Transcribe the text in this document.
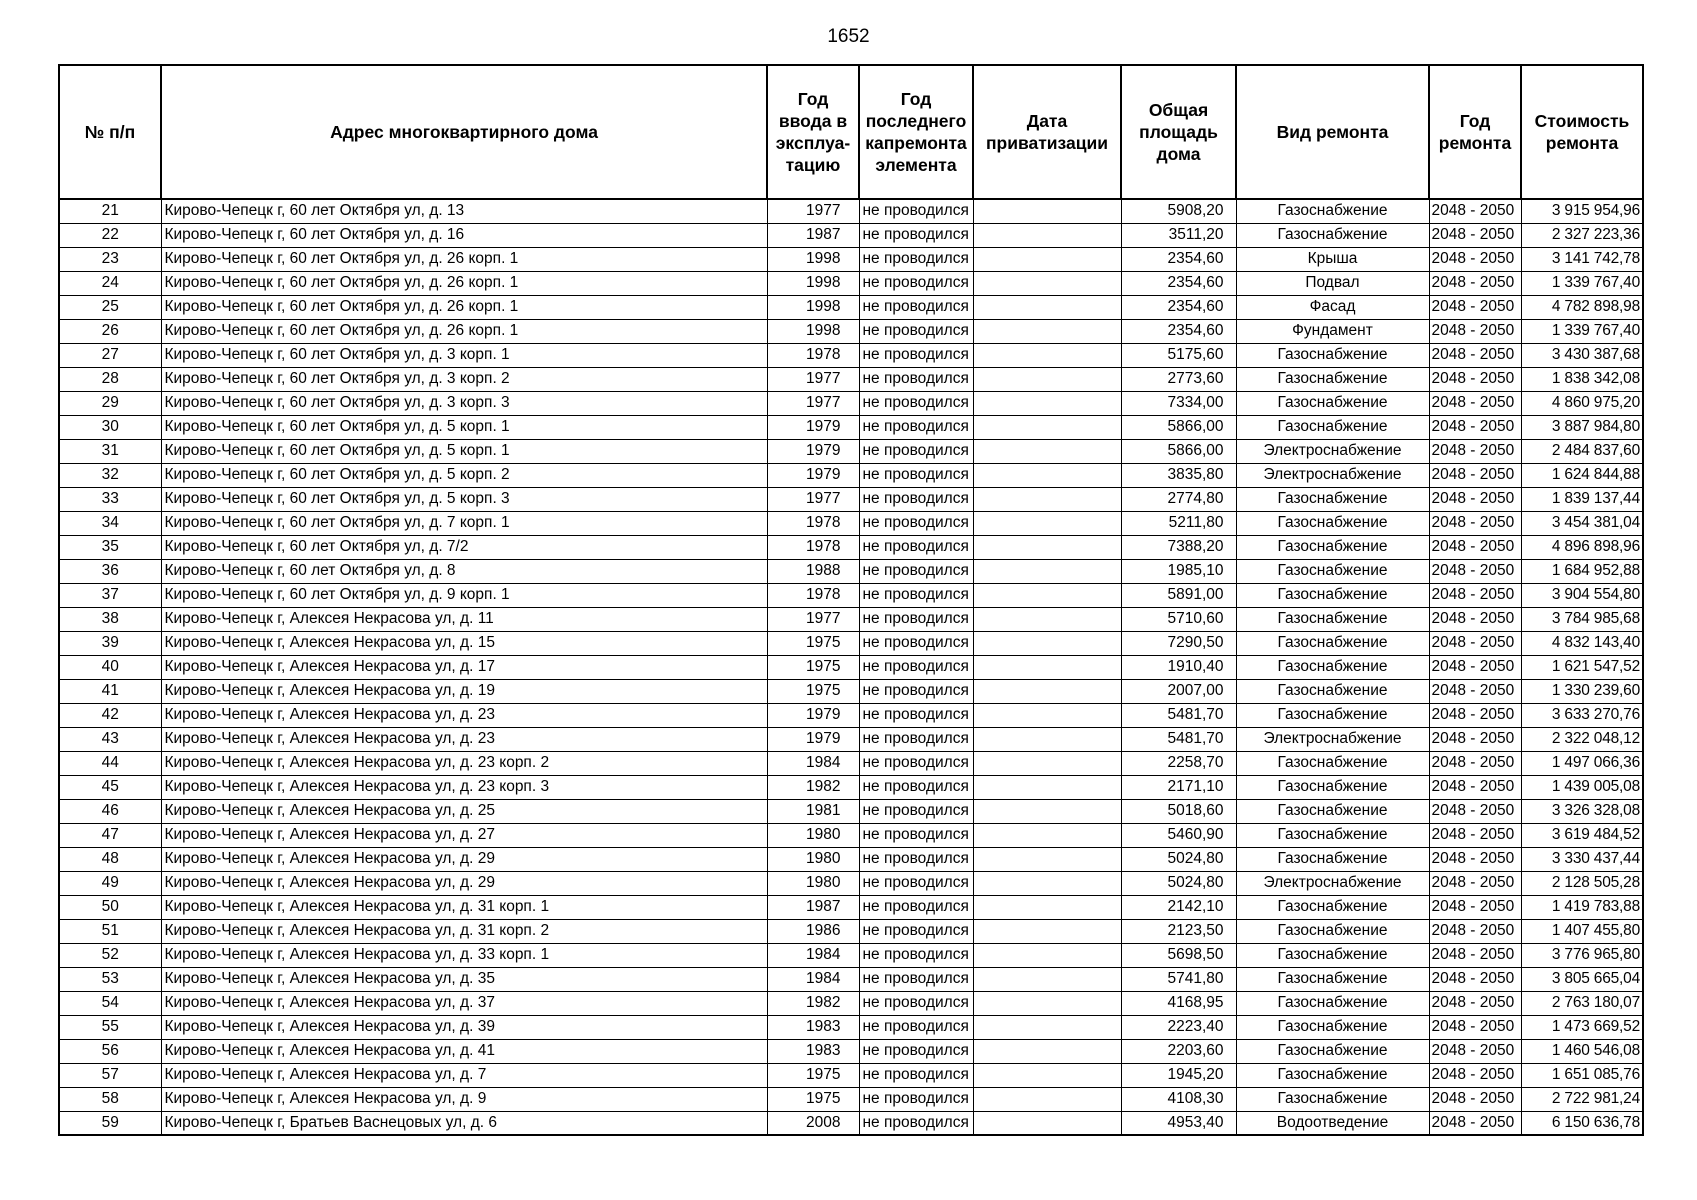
1652
№ п/п	Адрес многоквартирного дома	Год ввода в эксплуа- тацию	Год последнего капремонта элемента	Дата приватизации	Общая площадь дома	Вид ремонта	Год ремонта	Стоимость ремонта
21	Кирово-Чепецк г, 60 лет Октября ул, д. 13	1977	не проводился		5908,20	Газоснабжение	2048 - 2050	3 915 954,96
22	Кирово-Чепецк г, 60 лет Октября ул, д. 16	1987	не проводился		3511,20	Газоснабжение	2048 - 2050	2 327 223,36
23	Кирово-Чепецк г, 60 лет Октября ул, д. 26 корп. 1	1998	не проводился		2354,60	Крыша	2048 - 2050	3 141 742,78
24	Кирово-Чепецк г, 60 лет Октября ул, д. 26 корп. 1	1998	не проводился		2354,60	Подвал	2048 - 2050	1 339 767,40
25	Кирово-Чепецк г, 60 лет Октября ул, д. 26 корп. 1	1998	не проводился		2354,60	Фасад	2048 - 2050	4 782 898,98
26	Кирово-Чепецк г, 60 лет Октября ул, д. 26 корп. 1	1998	не проводился		2354,60	Фундамент	2048 - 2050	1 339 767,40
27	Кирово-Чепецк г, 60 лет Октября ул, д. 3 корп. 1	1978	не проводился		5175,60	Газоснабжение	2048 - 2050	3 430 387,68
28	Кирово-Чепецк г, 60 лет Октября ул, д. 3 корп. 2	1977	не проводился		2773,60	Газоснабжение	2048 - 2050	1 838 342,08
29	Кирово-Чепецк г, 60 лет Октября ул, д. 3 корп. 3	1977	не проводился		7334,00	Газоснабжение	2048 - 2050	4 860 975,20
30	Кирово-Чепецк г, 60 лет Октября ул, д. 5 корп. 1	1979	не проводился		5866,00	Газоснабжение	2048 - 2050	3 887 984,80
31	Кирово-Чепецк г, 60 лет Октября ул, д. 5 корп. 1	1979	не проводился		5866,00	Электроснабжение	2048 - 2050	2 484 837,60
32	Кирово-Чепецк г, 60 лет Октября ул, д. 5 корп. 2	1979	не проводился		3835,80	Электроснабжение	2048 - 2050	1 624 844,88
33	Кирово-Чепецк г, 60 лет Октября ул, д. 5 корп. 3	1977	не проводился		2774,80	Газоснабжение	2048 - 2050	1 839 137,44
34	Кирово-Чепецк г, 60 лет Октября ул, д. 7 корп. 1	1978	не проводился		5211,80	Газоснабжение	2048 - 2050	3 454 381,04
35	Кирово-Чепецк г, 60 лет Октября ул, д. 7/2	1978	не проводился		7388,20	Газоснабжение	2048 - 2050	4 896 898,96
36	Кирово-Чепецк г, 60 лет Октября ул, д. 8	1988	не проводился		1985,10	Газоснабжение	2048 - 2050	1 684 952,88
37	Кирово-Чепецк г, 60 лет Октября ул, д. 9 корп. 1	1978	не проводился		5891,00	Газоснабжение	2048 - 2050	3 904 554,80
38	Кирово-Чепецк г, Алексея Некрасова ул, д. 11	1977	не проводился		5710,60	Газоснабжение	2048 - 2050	3 784 985,68
39	Кирово-Чепецк г, Алексея Некрасова ул, д. 15	1975	не проводился		7290,50	Газоснабжение	2048 - 2050	4 832 143,40
40	Кирово-Чепецк г, Алексея Некрасова ул, д. 17	1975	не проводился		1910,40	Газоснабжение	2048 - 2050	1 621 547,52
41	Кирово-Чепецк г, Алексея Некрасова ул, д. 19	1975	не проводился		2007,00	Газоснабжение	2048 - 2050	1 330 239,60
42	Кирово-Чепецк г, Алексея Некрасова ул, д. 23	1979	не проводился		5481,70	Газоснабжение	2048 - 2050	3 633 270,76
43	Кирово-Чепецк г, Алексея Некрасова ул, д. 23	1979	не проводился		5481,70	Электроснабжение	2048 - 2050	2 322 048,12
44	Кирово-Чепецк г, Алексея Некрасова ул, д. 23 корп. 2	1984	не проводился		2258,70	Газоснабжение	2048 - 2050	1 497 066,36
45	Кирово-Чепецк г, Алексея Некрасова ул, д. 23 корп. 3	1982	не проводился		2171,10	Газоснабжение	2048 - 2050	1 439 005,08
46	Кирово-Чепецк г, Алексея Некрасова ул, д. 25	1981	не проводился		5018,60	Газоснабжение	2048 - 2050	3 326 328,08
47	Кирово-Чепецк г, Алексея Некрасова ул, д. 27	1980	не проводился		5460,90	Газоснабжение	2048 - 2050	3 619 484,52
48	Кирово-Чепецк г, Алексея Некрасова ул, д. 29	1980	не проводился		5024,80	Газоснабжение	2048 - 2050	3 330 437,44
49	Кирово-Чепецк г, Алексея Некрасова ул, д. 29	1980	не проводился		5024,80	Электроснабжение	2048 - 2050	2 128 505,28
50	Кирово-Чепецк г, Алексея Некрасова ул, д. 31 корп. 1	1987	не проводился		2142,10	Газоснабжение	2048 - 2050	1 419 783,88
51	Кирово-Чепецк г, Алексея Некрасова ул, д. 31 корп. 2	1986	не проводился		2123,50	Газоснабжение	2048 - 2050	1 407 455,80
52	Кирово-Чепецк г, Алексея Некрасова ул, д. 33 корп. 1	1984	не проводился		5698,50	Газоснабжение	2048 - 2050	3 776 965,80
53	Кирово-Чепецк г, Алексея Некрасова ул, д. 35	1984	не проводился		5741,80	Газоснабжение	2048 - 2050	3 805 665,04
54	Кирово-Чепецк г, Алексея Некрасова ул, д. 37	1982	не проводился		4168,95	Газоснабжение	2048 - 2050	2 763 180,07
55	Кирово-Чепецк г, Алексея Некрасова ул, д. 39	1983	не проводился		2223,40	Газоснабжение	2048 - 2050	1 473 669,52
56	Кирово-Чепецк г, Алексея Некрасова ул, д. 41	1983	не проводился		2203,60	Газоснабжение	2048 - 2050	1 460 546,08
57	Кирово-Чепецк г, Алексея Некрасова ул, д. 7	1975	не проводился		1945,20	Газоснабжение	2048 - 2050	1 651 085,76
58	Кирово-Чепецк г, Алексея Некрасова ул, д. 9	1975	не проводился		4108,30	Газоснабжение	2048 - 2050	2 722 981,24
59	Кирово-Чепецк г, Братьев Васнецовых ул, д. 6	2008	не проводился		4953,40	Водоотведение	2048 - 2050	6 150 636,78
